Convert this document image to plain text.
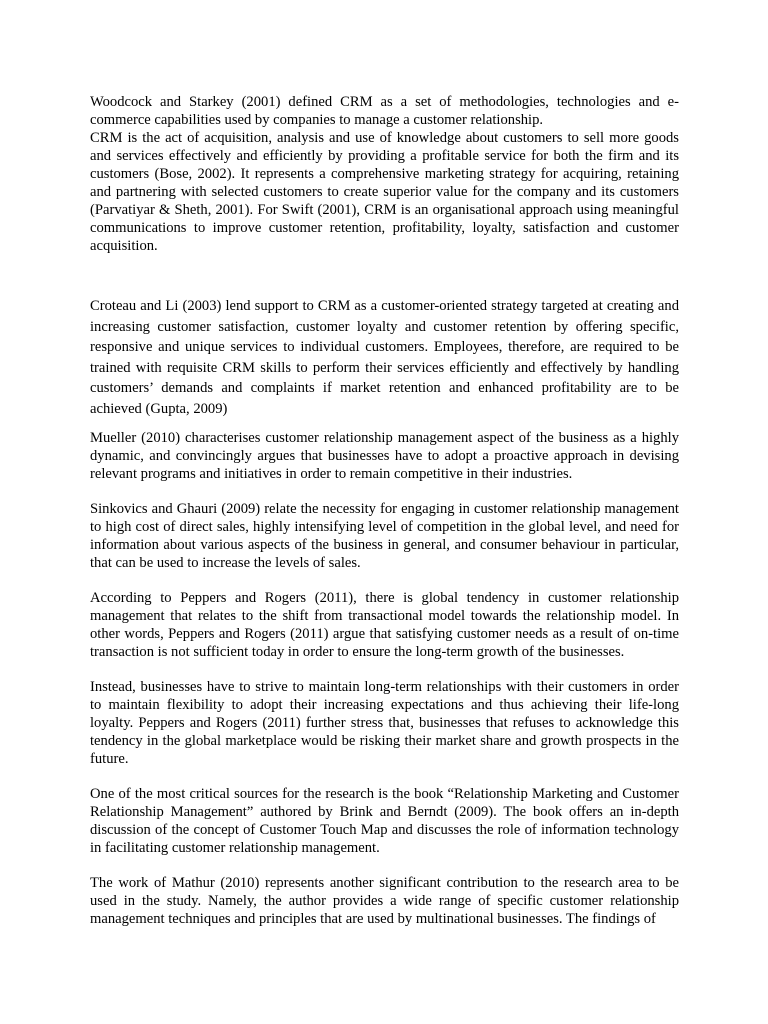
Woodcock and Starkey (2001) defined CRM as a set of methodologies, technologies and e-commerce capabilities used by companies to manage a customer relationship.

CRM is the act of acquisition, analysis and use of knowledge about customers to sell more goods and services effectively and efficiently by providing a profitable service for both the firm and its customers (Bose, 2002). It represents a comprehensive marketing strategy for acquiring, retaining and partnering with selected customers to create superior value for the company and its customers (Parvatiyar & Sheth, 2001). For Swift (2001), CRM is an organisational approach using meaningful communications to improve customer retention, profitability, loyalty, satisfaction and customer acquisition.

Croteau and Li (2003) lend support to CRM as a customer-oriented strategy targeted at creating and increasing customer satisfaction, customer loyalty and customer retention by offering specific, responsive and unique services to individual customers. Employees, therefore, are required to be trained with requisite CRM skills to perform their services efficiently and effectively by handling customers’ demands and complaints if market retention and enhanced profitability are to be achieved (Gupta, 2009)

Mueller (2010) characterises customer relationship management aspect of the business as a highly dynamic, and convincingly argues that businesses have to adopt a proactive approach in devising relevant programs and initiatives in order to remain competitive in their industries.

Sinkovics and Ghauri (2009) relate the necessity for engaging in customer relationship management to high cost of direct sales, highly intensifying level of competition in the global level, and need for information about various aspects of the business in general, and consumer behaviour in particular, that can be used to increase the levels of sales.

According to Peppers and Rogers (2011), there is global tendency in customer relationship management that relates to the shift from transactional model towards the relationship model. In other words, Peppers and Rogers (2011) argue that satisfying customer needs as a result of on-time transaction is not sufficient today in order to ensure the long-term growth of the businesses.

Instead, businesses have to strive to maintain long-term relationships with their customers in order to maintain flexibility to adopt their increasing expectations and thus achieving their life-long loyalty. Peppers and Rogers (2011) further stress that, businesses that refuses to acknowledge this tendency in the global marketplace would be risking their market share and growth prospects in the future.

One of the most critical sources for the research is the book “Relationship Marketing and Customer Relationship Management” authored by Brink and Berndt (2009). The book offers an in-depth discussion of the concept of Customer Touch Map and discusses the role of information technology in facilitating customer relationship management.

The work of Mathur (2010) represents another significant contribution to the research area to be used in the study. Namely, the author provides a wide range of specific customer relationship management techniques and principles that are used by multinational businesses. The findings of
